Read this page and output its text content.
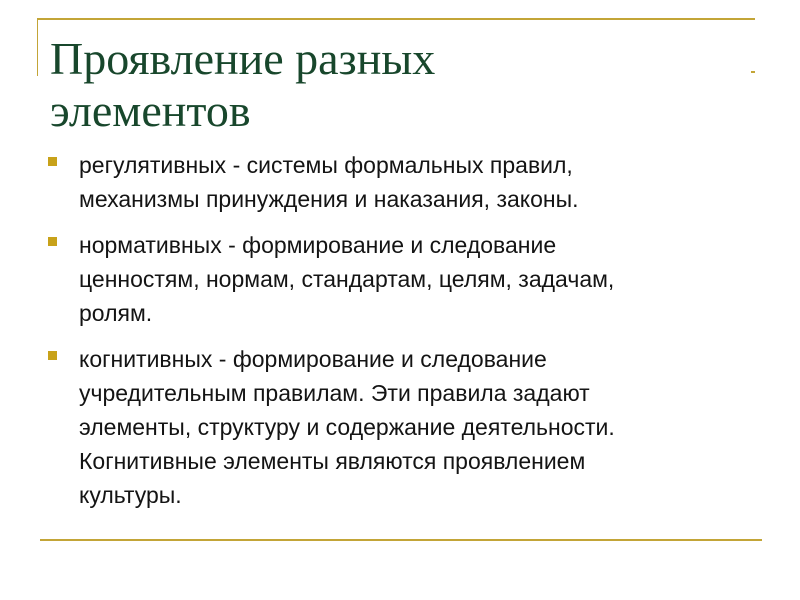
Проявление разных
элементов
регулятивных - системы формальных правил,
механизмы принуждения и наказания, законы.
нормативных - формирование и следование
ценностям, нормам, стандартам, целям, задачам,
ролям.
когнитивных - формирование и следование
учредительным правилам. Эти правила задают
элементы, структуру и содержание деятельности.
Когнитивные элементы являются проявлением
культуры.
